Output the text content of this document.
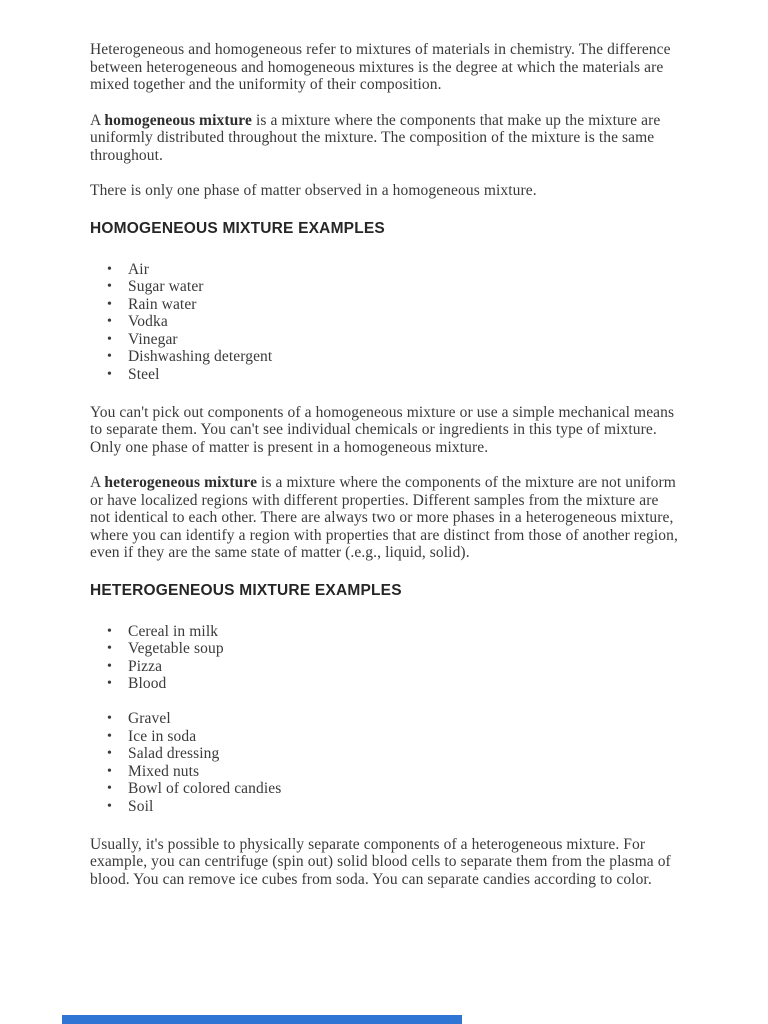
Heterogeneous and homogeneous refer to mixtures of materials in chemistry. The difference between heterogeneous and homogeneous mixtures is the degree at which the materials are mixed together and the uniformity of their composition.

A homogeneous mixture is a mixture where the components that make up the mixture are uniformly distributed throughout the mixture. The composition of the mixture is the same throughout.

There is only one phase of matter observed in a homogeneous mixture.

HOMOGENEOUS MIXTURE EXAMPLES
• Air
• Sugar water
• Rain water
• Vodka
• Vinegar
• Dishwashing detergent
• Steel

You can't pick out components of a homogeneous mixture or use a simple mechanical means to separate them. You can't see individual chemicals or ingredients in this type of mixture. Only one phase of matter is present in a homogeneous mixture.

A heterogeneous mixture is a mixture where the components of the mixture are not uniform or have localized regions with different properties. Different samples from the mixture are not identical to each other. There are always two or more phases in a heterogeneous mixture, where you can identify a region with properties that are distinct from those of another region, even if they are the same state of matter (.e.g., liquid, solid).

HETEROGENEOUS MIXTURE EXAMPLES
• Cereal in milk
• Vegetable soup
• Pizza
• Blood
• Gravel
• Ice in soda
• Salad dressing
• Mixed nuts
• Bowl of colored candies
• Soil

Usually, it's possible to physically separate components of a heterogeneous mixture. For example, you can centrifuge (spin out) solid blood cells to separate them from the plasma of blood. You can remove ice cubes from soda. You can separate candies according to color.
